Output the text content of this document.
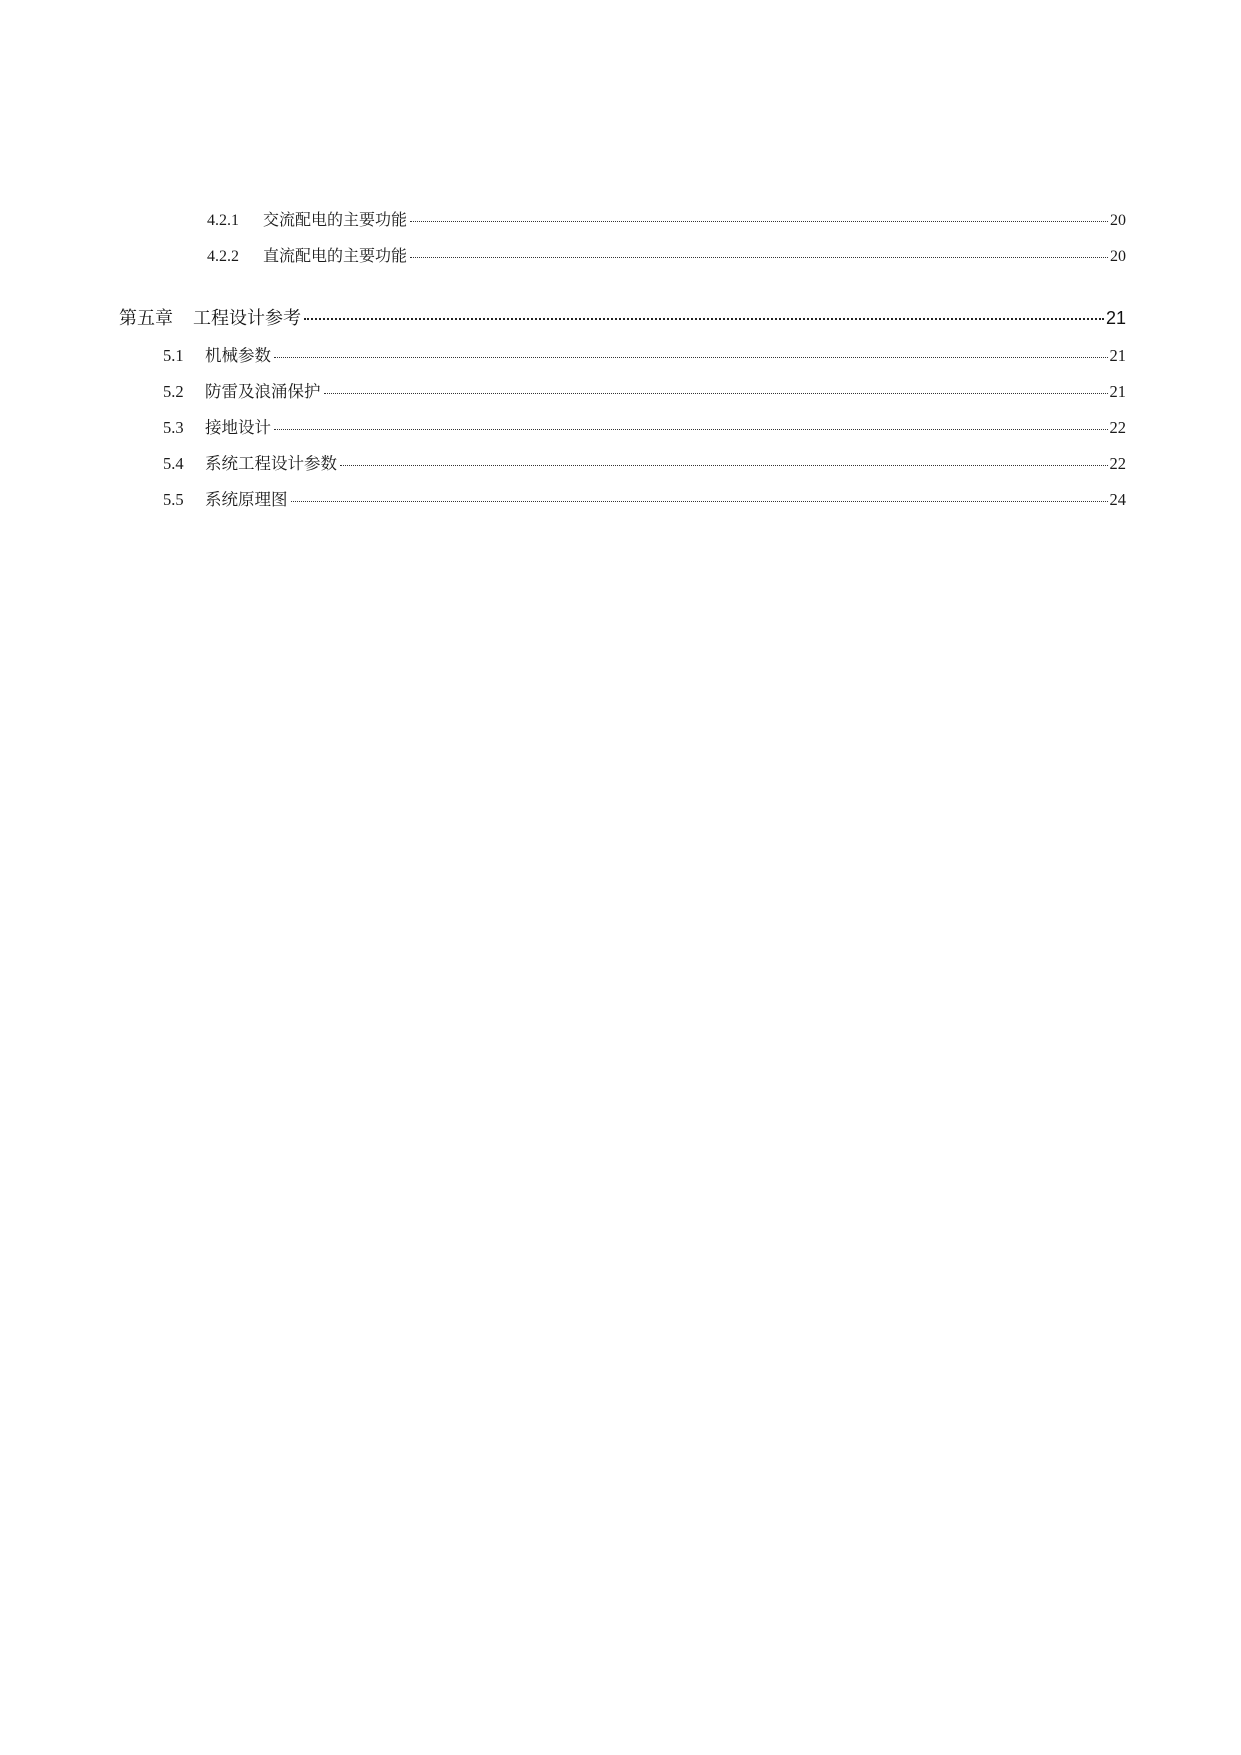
4.2.1	交流配电的主要功能	20
4.2.2	直流配电的主要功能	20
第五章	工程设计参考	21
5.1	机械参数	21
5.2	防雷及浪涌保护	21
5.3	接地设计	22
5.4	系统工程设计参数	22
5.5	系统原理图	24
